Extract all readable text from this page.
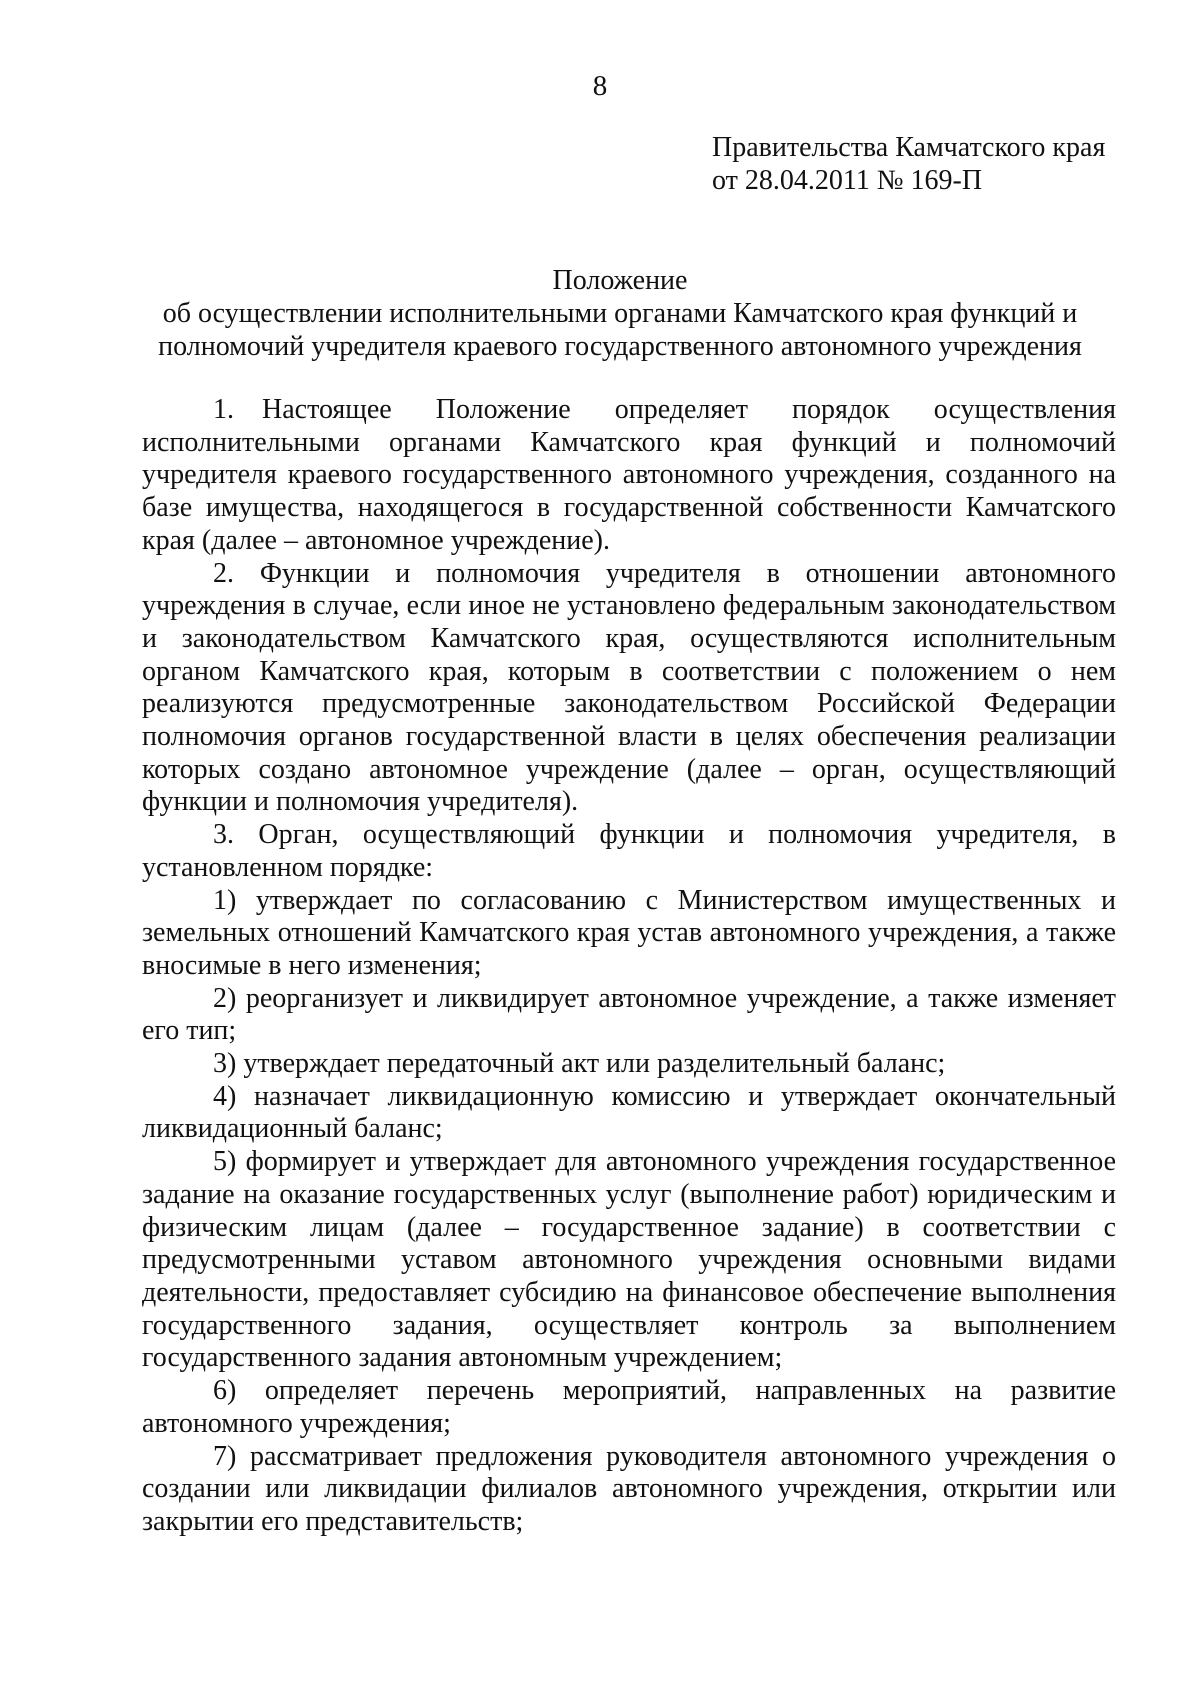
8
Правительства Камчатского края
от 28.04.2011 № 169-П
Положение
об осуществлении исполнительными органами Камчатского края функций и
полномочий учредителя краевого государственного автономного учреждения

1. Настоящее Положение определяет порядок осуществления исполнительными органами Камчатского края функций и полномочий учредителя краевого государственного автономного учреждения, созданного на базе имущества, находящегося в государственной собственности Камчатского края (далее – автономное учреждение).

2. Функции и полномочия учредителя в отношении автономного учреждения в случае, если иное не установлено федеральным законодательством и законодательством Камчатского края, осуществляются исполнительным органом Камчатского края, которым в соответствии с положением о нем реализуются предусмотренные законодательством Российской Федерации полномочия органов государственной власти в целях обеспечения реализации которых создано автономное учреждение (далее – орган, осуществляющий функции и полномочия учредителя).

3. Орган, осуществляющий функции и полномочия учредителя, в установленном порядке:

1) утверждает по согласованию с Министерством имущественных и земельных отношений Камчатского края устав автономного учреждения, а также вносимые в него изменения;

2) реорганизует и ликвидирует автономное учреждение, а также изменяет его тип;

3) утверждает передаточный акт или разделительный баланс;

4) назначает ликвидационную комиссию и утверждает окончательный ликвидационный баланс;

5) формирует и утверждает для автономного учреждения государственное задание на оказание государственных услуг (выполнение работ) юридическим и физическим лицам (далее – государственное задание) в соответствии с предусмотренными уставом автономного учреждения основными видами деятельности, предоставляет субсидию на финансовое обеспечение выполнения государственного задания, осуществляет контроль за выполнением государственного задания автономным учреждением;

6) определяет перечень мероприятий, направленных на развитие автономного учреждения;

7) рассматривает предложения руководителя автономного учреждения о создании или ликвидации филиалов автономного учреждения, открытии или закрытии его представительств;
